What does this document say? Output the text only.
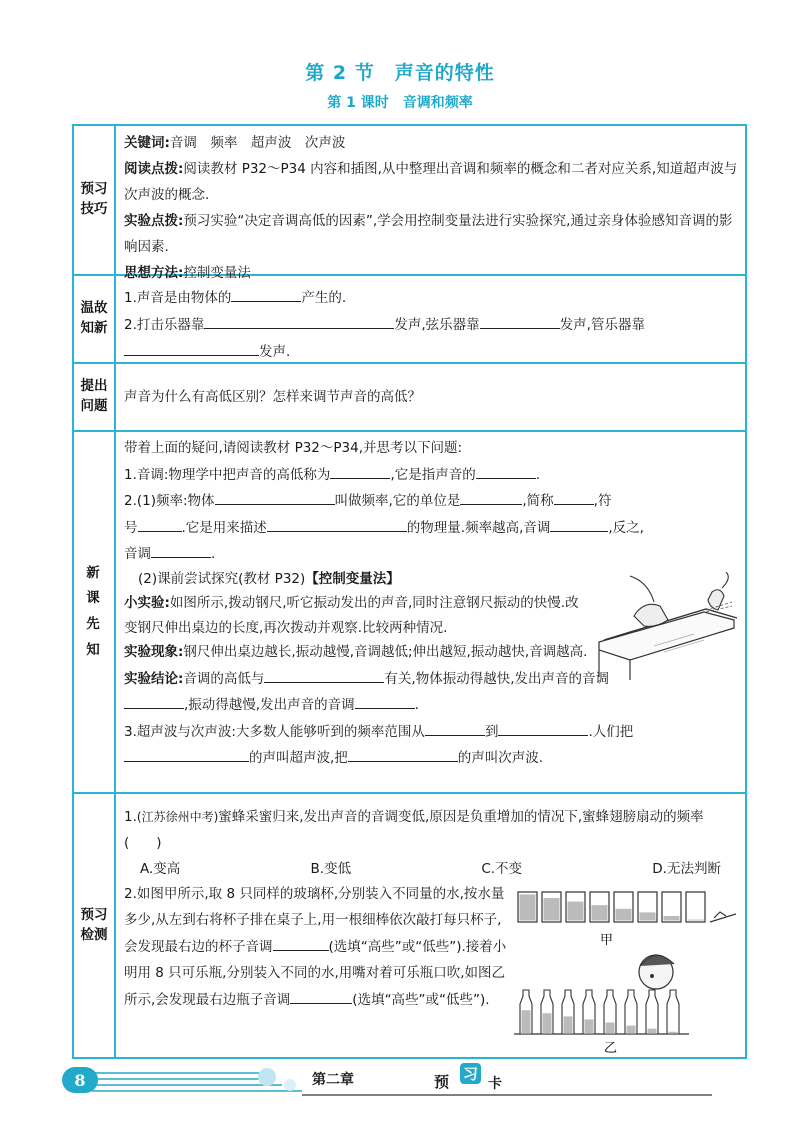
第 2 节　声音的特性
第 1 课时　音调和频率
预习
技巧

关键词:音调　频率　超声波　次声波

阅读点拨:阅读教材 P32～P34 内容和插图,从中整理出音调和频率的概念和二者对应关系,知道超声波与次声波的概念.

实验点拨:预习实验“决定音调高低的因素”,学会用控制变量法进行实验探究,通过亲身体验感知音调的影响因素.

思想方法:控制变量法

温故
知新

1.声音是由物体的	产生的.

2.打击乐器靠	发声,弦乐器靠	发声,管乐器靠
发声.

提出
问题

声音为什么有高低区别？怎样来调节声音的高低？

新
课
先
知

带着上面的疑问,请阅读教材 P32～P34,并思考以下问题:

1.音调:物理学中把声音的高低称为	,它是指声音的	.

2.(1)频率:物体	叫做频率,它的单位是	,简称	,符
号	.它是用来描述	的物理量.频率越高,音调	,反之,
音调	.

(2)课前尝试探究(教材 P32)【控制变量法】

小实验:如图所示,拨动钢尺,听它振动发出的声音,同时注意钢尺振动的快慢.改变钢尺伸出桌边的长度,再次拨动并观察.比较两种情况.

实验现象:钢尺伸出桌边越长,振动越慢,音调越低;伸出越短,振动越快,音调越高.

实验结论:音调的高低与	有关,物体振动得越快,发出声音的音调
,振动得越慢,发出声音的音调	.

3.超声波与次声波:大多数人能够听到的频率范围从	到	.人们把
的声叫超声波,把	的声叫次声波.

预习
检测

1.(江苏徐州中考)蜜蜂采蜜归来,发出声音的音调变低,原因是负重增加的情况下,蜜蜂翅膀扇动的频率(　　)

A.变高	B.变低	C.不变	D.无法判断

2.如图甲所示,取 8 只同样的玻璃杯,分别装入不同量的水,按水量多少,从左到右将杯子排在桌子上,用一根细棒依次敲打每只杯子,会发现最右边的杯子音调	(选填“高些”或“低些”).接着小明用 8 只可乐瓶,分别装入不同的水,用嘴对着可乐瓶口吹,如图乙所示,会发现最右边瓶子音调	(选填“高些”或“低些”).

甲
乙
8	第二章	预 习
卡
